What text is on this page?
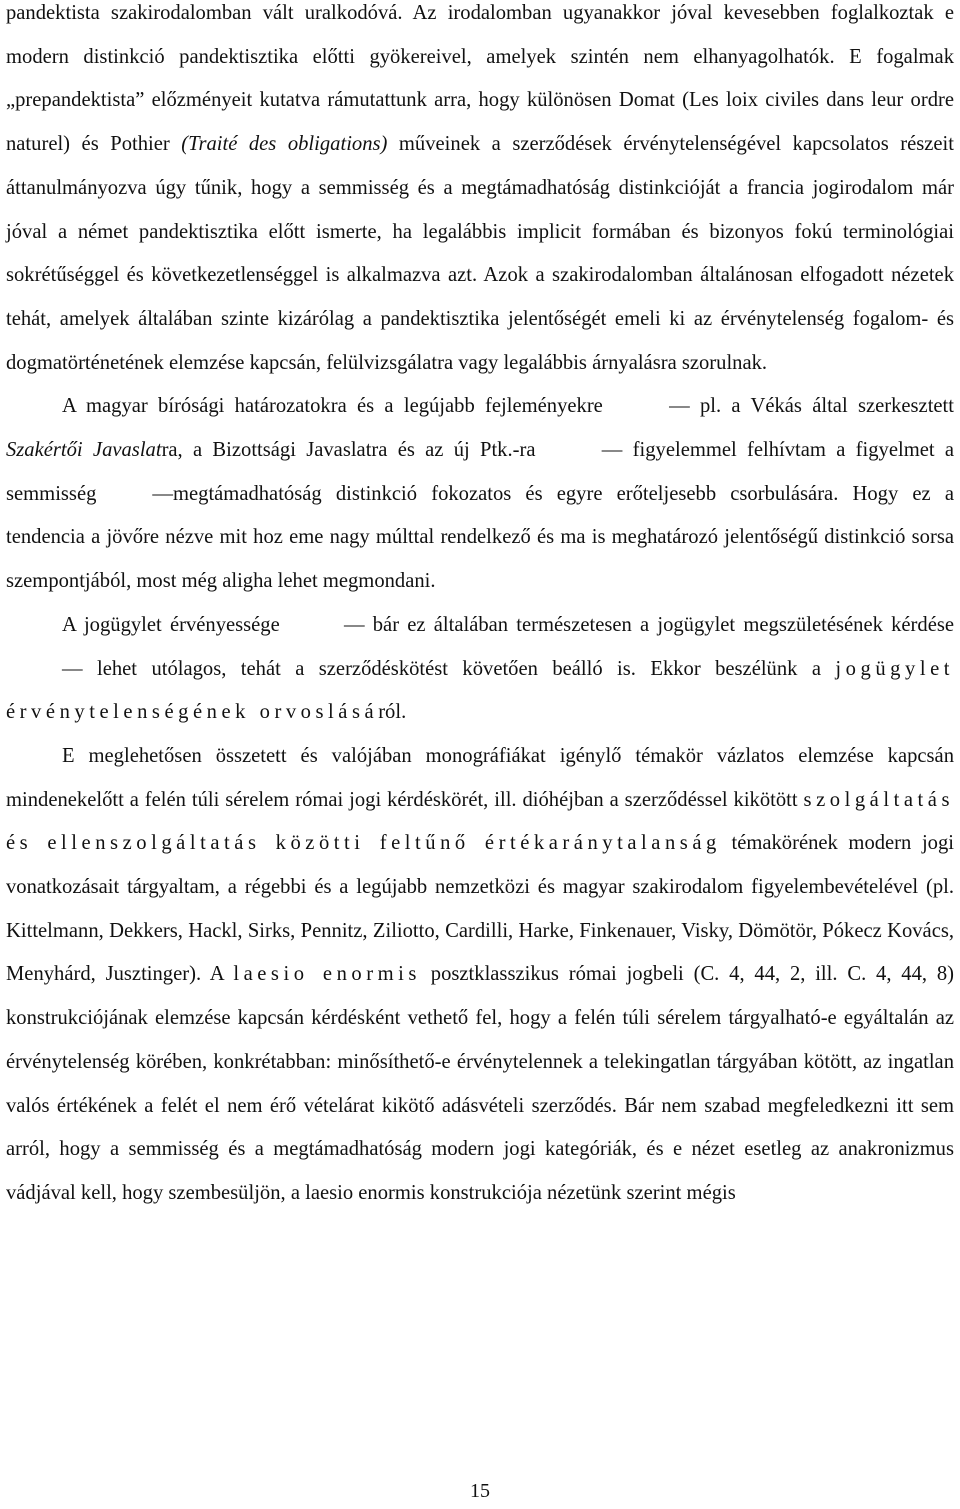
pandektista szakirodalomban vált uralkodóvá. Az irodalomban ugyanakkor jóval kevesebben foglalkoztak e modern distinkció pandektisztika előtti gyökereivel, amelyek szintén nem elhanyagolhatók. E fogalmak „prepandektista” előzményeit kutatva rámutattunk arra, hogy különösen Domat (Les loix civiles dans leur ordre naturel) és Pothier (Traité des obligations) műveinek a szerződések érvénytelenségével kapcsolatos részeit áttanulmányozva úgy tűnik, hogy a semmisség és a megtámadhatóság distinkcióját a francia jogirodalom már jóval a német pandektisztika előtt ismerte, ha legalábbis implicit formában és bizonyos fokú terminológiai sokrétűséggel és következetlenséggel is alkalmazva azt. Azok a szakirodalomban általánosan elfogadott nézetek tehát, amelyek általában szinte kizárólag a pandektisztika jelentőségét emeli ki az érvénytelenség fogalom- és dogmatörténetének elemzése kapcsán, felülvizsgálatra vagy legalábbis árnyalásra szorulnak.

A magyar bírósági határozatokra és a legújabb fejleményekre	— pl. a Vékás által szerkesztett Szakértői Javaslatra, a Bizottsági Javaslatra és az új Ptk.-ra	— figyelemmel felhívtam a figyelmet a semmisség	—megtámadhatóság distinkció fokozatos és egyre erőteljesebb csorbulására. Hogy ez a tendencia a jövőre nézve mit hoz eme nagy múlttal rendelkező és ma is meghatározó jelentőségű distinkció sorsa szempontjából, most még aligha lehet megmondani.

A jogügylet érvényessége	— bár ez általában természetesen a jogügylet megszületésének kérdése — lehet utólagos, tehát a szerződéskötést követően beálló is. Ekkor beszélünk a jogügylet érvénytelenségének orvoslásáról.

E meglehetősen összetett és valójában monográfiákat igénylő témakör vázlatos elemzése kapcsán mindenekelőtt a felén túli sérelem római jogi kérdéskörét, ill. dióhéjban a szerződéssel kikötött szolgáltatás és ellenszolgáltatás közötti feltűnő értékaránytalanság témakörének modern jogi vonatkozásait tárgyaltam, a régebbi és a legújabb nemzetközi és magyar szakirodalom figyelembevételével (pl. Kittelmann, Dekkers, Hackl, Sirks, Pennitz, Ziliotto, Cardilli, Harke, Finkenauer, Visky, Dömötör, Pókecz Kovács, Menyhárd, Jusztinger). A laesio enormis posztklasszikus római jogbeli (C. 4, 44, 2, ill. C. 4, 44, 8) konstrukciójának elemzése kapcsán kérdésként vethető fel, hogy a felén túli sérelem tárgyalható-e egyáltalán az érvénytelenség körében, konkrétabban: minősíthető-e érvénytelennek a telekingatlan tárgyában kötött, az ingatlan valós értékének a felét el nem érő vételárat kikötő adásvételi szerződés. Bár nem szabad megfeledkezni itt sem arról, hogy a semmisség és a megtámadhatóság modern jogi kategóriák, és e nézet esetleg az anakronizmus vádjával kell, hogy szembesüljön, a laesio enormis konstrukciója nézetünk szerint mégis

15
